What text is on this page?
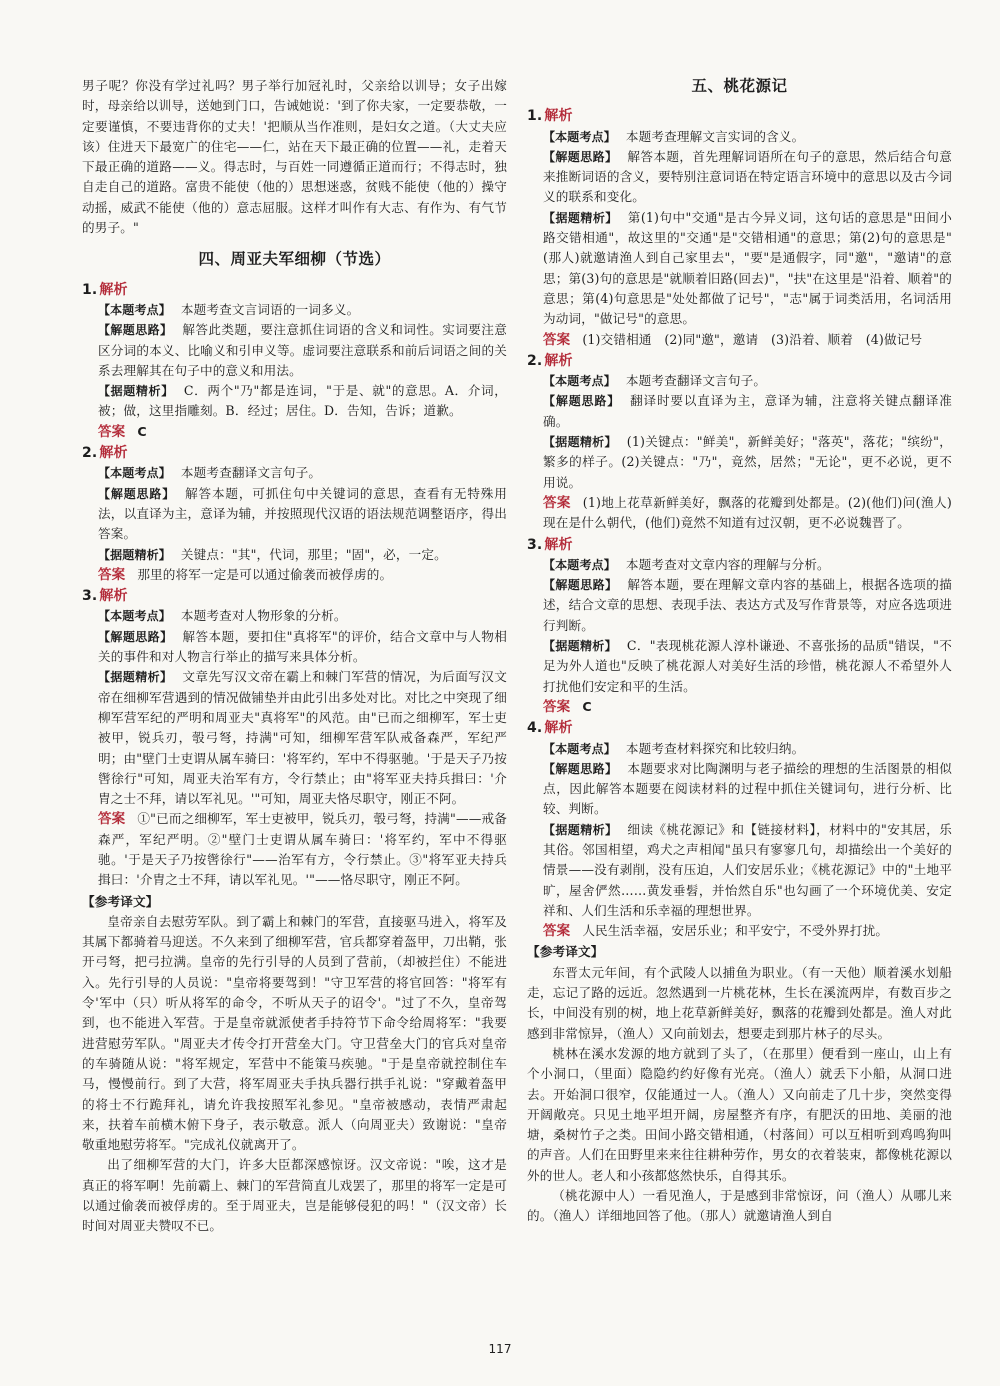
男子呢？你没有学过礼吗？男子举行加冠礼时，父亲给以训导；女子出嫁时，母亲给以训导，送她到门口，告诫她说：'到了你夫家，一定要恭敬，一定要谨慎，不要违背你的丈夫！'把顺从当作准则，是妇女之道。（大丈夫应该）住进天下最宽广的住宅——仁，站在天下最正确的位置——礼，走着天下最正确的道路——义。得志时，与百姓一同遵循正道而行；不得志时，独自走自己的道路。富贵不能使（他的）思想迷惑，贫贱不能使（他的）操守动摇，威武不能使（他的）意志屈服。这样才叫作有大志、有作为、有气节的男子。"

四、周亚夫军细柳（节选）
1. 解析

【本题考点】 本题考查文言词语的一词多义。

【解题思路】 解答此类题，要注意抓住词语的含义和词性。实词要注意区分词的本义、比喻义和引申义等。虚词要注意联系和前后词语之间的关系去理解其在句子中的意义和用法。

【据题精析】 C．两个"乃"都是连词，"于是、就"的意思。A．介词，被；做，这里指雕刻。B．经过；居住。D．告知，告诉；道歉。

答案 C

2. 解析

【本题考点】 本题考查翻译文言句子。

【解题思路】 解答本题，可抓住句中关键词的意思，查看有无特殊用法，以直译为主，意译为辅，并按照现代汉语的语法规范调整语序，得出答案。

【据题精析】 关键点："其"，代词，那里；"固"，必，一定。

答案 那里的将军一定是可以通过偷袭而被俘虏的。

3. 解析

【本题考点】 本题考查对人物形象的分析。

【解题思路】 解答本题，要扣住"真将军"的评价，结合文章中与人物相关的事件和对人物言行举止的描写来具体分析。

【据题精析】 文章先写汉文帝在霸上和棘门军营的情况，为后面写汉文帝在细柳军营遇到的情况做铺垫并由此引出多处对比。对比之中突现了细柳军营军纪的严明和周亚夫"真将军"的风范。由"已而之细柳军，军士吏被甲，锐兵刃，彀弓弩，持满"可知，细柳军营军队戒备森严，军纪严明；由"壁门士吏谓从属车骑曰：'将军约，军中不得驱驰。'于是天子乃按辔徐行"可知，周亚夫治军有方，令行禁止；由"将军亚夫持兵揖曰：'介胄之士不拜，请以军礼见。'"可知，周亚夫恪尽职守，刚正不阿。

答案 ①"已而之细柳军，军士吏被甲，锐兵刃，彀弓弩，持满"——戒备森严，军纪严明。②"壁门士吏谓从属车骑曰：'将军约，军中不得驱驰。'于是天子乃按辔徐行"——治军有方，令行禁止。③"将军亚夫持兵揖曰：'介胄之士不拜，请以军礼见。'"——恪尽职守，刚正不阿。

【参考译文】

皇帝亲自去慰劳军队。到了霸上和棘门的军营，直接驱马进入，将军及其属下都骑着马迎送。不久来到了细柳军营，官兵都穿着盔甲，刀出鞘，张开弓弩，把弓拉满。皇帝的先行引导的人员到了营前，（却被拦住）不能进入。先行引导的人员说："皇帝将要驾到！"守卫军营的将官回答："将军有令'军中（只）听从将军的命令，不听从天子的诏令'。"过了不久，皇帝驾到，也不能进入军营。于是皇帝就派使者手持符节下命令给周将军："我要进营慰劳军队。"周亚夫才传令打开营垒大门。守卫营垒大门的官兵对皇帝的车骑随从说："将军规定，军营中不能策马疾驰。"于是皇帝就控制住车马，慢慢前行。到了大营，将军周亚夫手执兵器行拱手礼说："穿戴着盔甲的将士不行跪拜礼，请允许我按照军礼参见。"皇帝被感动，表情严肃起来，扶着车前横木俯下身子，表示敬意。派人（向周亚夫）致谢说："皇帝敬重地慰劳将军。"完成礼仪就离开了。

出了细柳军营的大门，许多大臣都深感惊讶。汉文帝说："唉，这才是真正的将军啊！先前霸上、棘门的军营简直儿戏罢了，那里的将军一定是可以通过偷袭而被俘虏的。至于周亚夫，岂是能够侵犯的吗！"（汉文帝）长时间对周亚夫赞叹不已。

五、桃花源记
1. 解析

【本题考点】 本题考查理解文言实词的含义。

【解题思路】 解答本题，首先理解词语所在句子的意思，然后结合句意来推断词语的含义，要特别注意词语在特定语言环境中的意思以及古今词义的联系和变化。

【据题精析】 第(1)句中"交通"是古今异义词，这句话的意思是"田间小路交错相通"，故这里的"交通"是"交错相通"的意思；第(2)句的意思是"(那人)就邀请渔人到自己家里去"，"要"是通假字，同"邀"，"邀请"的意思；第(3)句的意思是"就顺着旧路(回去)"，"扶"在这里是"沿着、顺着"的意思；第(4)句意思是"处处都做了记号"，"志"属于词类活用，名词活用为动词，"做记号"的意思。

答案 (1)交错相通　(2)同"邀"，邀请　(3)沿着、顺着　(4)做记号

2. 解析

【本题考点】 本题考查翻译文言句子。

【解题思路】 翻译时要以直译为主，意译为辅，注意将关键点翻译准确。

【据题精析】 (1)关键点："鲜美"，新鲜美好；"落英"，落花；"缤纷"，繁多的样子。(2)关键点："乃"，竟然，居然；"无论"，更不必说，更不用说。

答案 (1)地上花草新鲜美好，飘落的花瓣到处都是。(2)(他们)问(渔人)现在是什么朝代，(他们)竟然不知道有过汉朝，更不必说魏晋了。

3. 解析

【本题考点】 本题考查对文章内容的理解与分析。

【解题思路】 解答本题，要在理解文章内容的基础上，根据各选项的描述，结合文章的思想、表现手法、表达方式及写作背景等，对应各选项进行判断。

【据题精析】 C．"表现桃花源人淳朴谦逊、不喜张扬的品质"错误，"不足为外人道也"反映了桃花源人对美好生活的珍惜，桃花源人不希望外人打扰他们安定和平的生活。

答案 C

4. 解析

【本题考点】 本题考查材料探究和比较归纳。

【解题思路】 本题要求对比陶渊明与老子描绘的理想的生活图景的相似点，因此解答本题要在阅读材料的过程中抓住关键词句，进行分析、比较、判断。

【据题精析】 细读《桃花源记》和【链接材料】，材料中的"安其居，乐其俗。邻国相望，鸡犬之声相闻"虽只有寥寥几句，却描绘出一个美好的情景——没有剥削，没有压迫，人们安居乐业；《桃花源记》中的"土地平旷，屋舍俨然……黄发垂髫，并怡然自乐"也勾画了一个环境优美、安定祥和、人们生活和乐幸福的理想世界。

答案 人民生活幸福，安居乐业；和平安宁，不受外界打扰。

【参考译文】

东晋太元年间，有个武陵人以捕鱼为职业。（有一天他）顺着溪水划船走，忘记了路的远近。忽然遇到一片桃花林，生长在溪流两岸，有数百步之长，中间没有别的树，地上花草新鲜美好，飘落的花瓣到处都是。渔人对此感到非常惊异，（渔人）又向前划去，想要走到那片林子的尽头。

桃林在溪水发源的地方就到了头了，（在那里）便看到一座山，山上有个小洞口，（里面）隐隐约约好像有光亮。（渔人）就丢下小船，从洞口进去。开始洞口很窄，仅能通过一人。（渔人）又向前走了几十步，突然变得开阔敞亮。只见土地平坦开阔，房屋整齐有序，有肥沃的田地、美丽的池塘，桑树竹子之类。田间小路交错相通，（村落间）可以互相听到鸡鸣狗叫的声音。人们在田野里来来往往耕种劳作，男女的衣着装束，都像桃花源以外的世人。老人和小孩都悠然快乐，自得其乐。

（桃花源中人）一看见渔人，于是感到非常惊讶，问（渔人）从哪儿来的。（渔人）详细地回答了他。（那人）就邀请渔人到自

117
